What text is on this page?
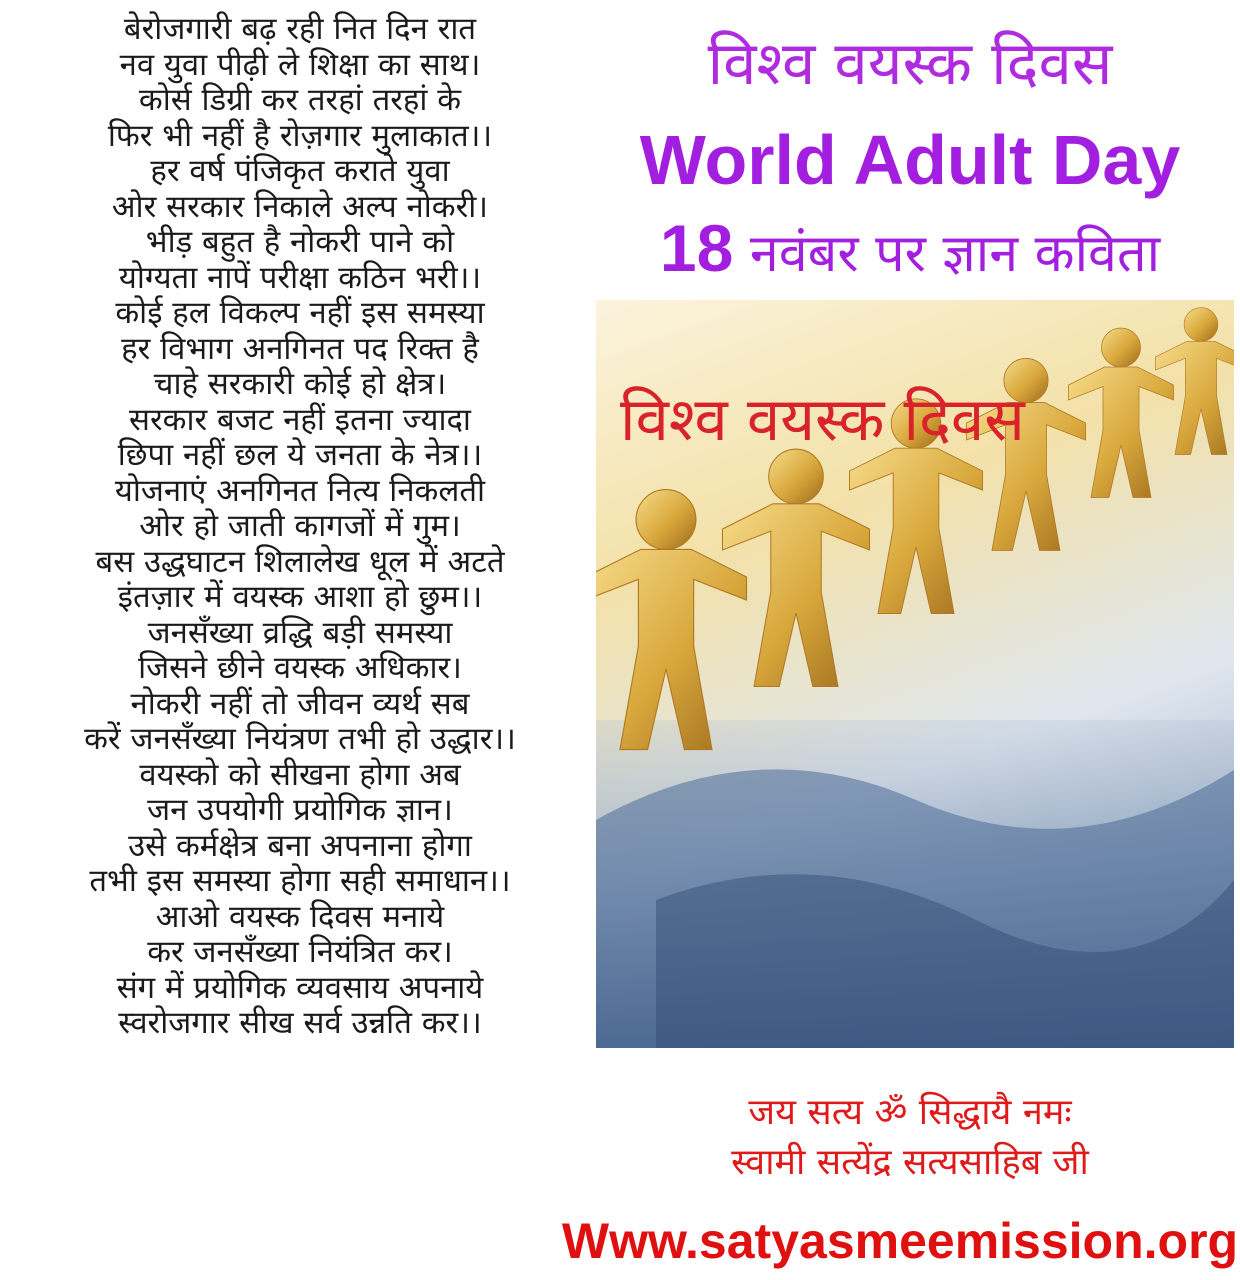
बेरोजगारी बढ़ रही नित दिन रात
नव युवा पीढ़ी ले शिक्षा का साथ।
कोर्स डिग्री कर तरहां तरहां के
फिर भी नहीं है रोज़गार मुलाकात।।
हर वर्ष पंजिकृत कराते युवा
ओर सरकार निकाले अल्प नोकरी।
भीड़ बहुत है नोकरी पाने को
योग्यता नापें परीक्षा कठिन भरी।।
कोई हल विकल्प नहीं इस समस्या
हर विभाग अनगिनत पद रिक्त है
चाहे सरकारी कोई हो क्षेत्र।
सरकार बजट नहीं इतना ज्यादा
छिपा नहीं छल ये जनता के नेत्र।।
योजनाएं अनगिनत नित्य निकलती
ओर हो जाती कागजों में गुम।
बस उद्धघाटन शिलालेख धूल में अटते
इंतज़ार में वयस्क आशा हो छुम।।
जनसँख्या व्रद्धि बड़ी समस्या
जिसने छीने वयस्क अधिकार।
नोकरी नहीं तो जीवन व्यर्थ सब
करें जनसँख्या नियंत्रण तभी हो उद्धार।।
वयस्को को सीखना होगा अब
जन उपयोगी प्रयोगिक ज्ञान।
उसे कर्मक्षेत्र बना अपनाना होगा
तभी इस समस्या होगा सही समाधान।।
आओ वयस्क दिवस मनाये
कर जनसँख्या नियंत्रित कर।
संग में प्रयोगिक व्यवसाय अपनाये
स्वरोजगार सीख सर्व उन्नति कर।।
विश्व वयस्क दिवस
World Adult Day
18 नवंबर पर ज्ञान कविता
विश्व वयस्क दिवस
जय सत्य ॐ सिद्धायै नमः
स्वामी सत्येंद्र सत्यसाहिब जी
Www.satyasmeemission.org
